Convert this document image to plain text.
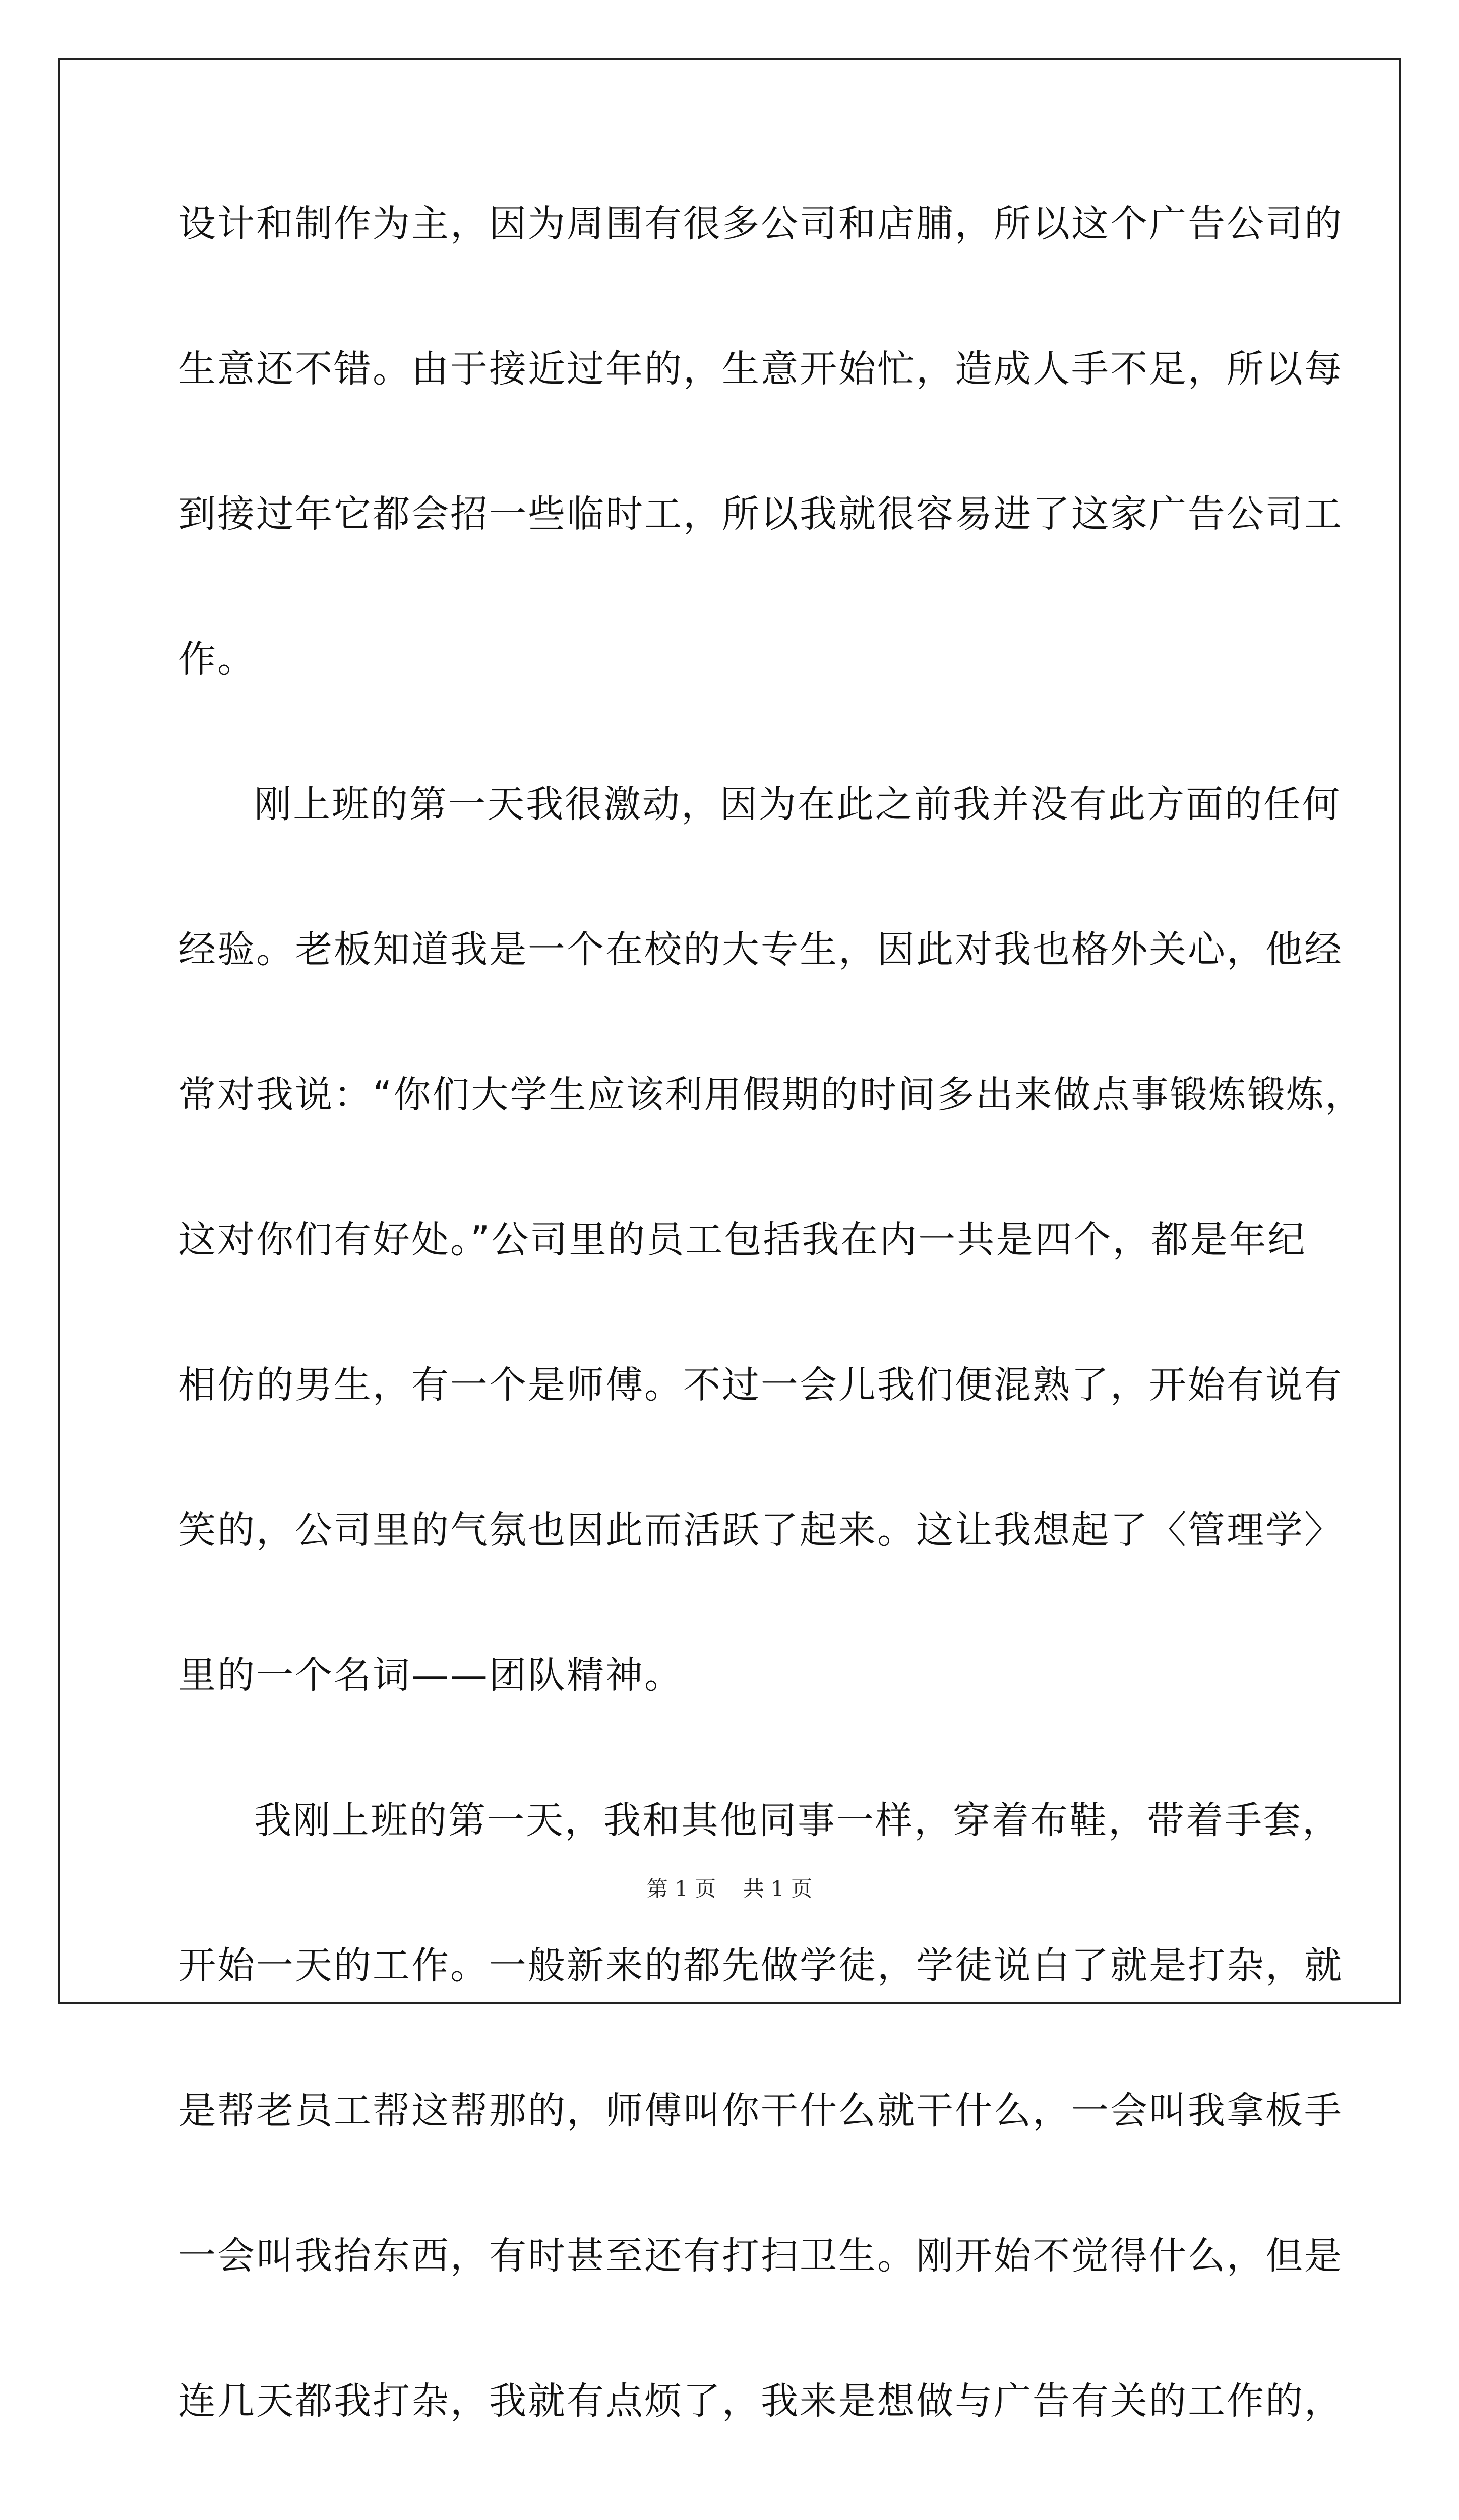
设计和制作为主，因为周围有很多公司和店脯，所以这个广告公司的
生意还不错。由于接近过年的，生意开始忙，造成人手不足，所以每
到接过年它都会招一些临时工，所以我就很容易进了这家广告公司工
作。
刚上班的第一天我很激动，因为在此之前我并没有此方面的任何
经验。老板知道我是一个在校的大专生，因此对我也格外关心，他经
常对我说：“你们大学生应该利用假期的时间多出来做点事锻炼锻炼，
这对你们有好处。”公司里的员工包括我在内一共是四个，都是年纪
相仿的男生，有一个是师傅。不过一会儿我们便混熟了，开始有说有
笑的，公司里的气氛也因此而活跃了起来。这让我想起了〈管理学〉
里的一个名词——团队精神。
我刚上班的第一天，我和其他同事一样，穿着布鞋，带着手套，
开始一天的工作。一般新来的都先做学徒，学徒说白了就是打杂，就
是帮老员工帮这帮那的，师傅叫你干什么就干什么，一会叫我拿板手
一会叫我抬东西，有时甚至还有打扫卫生。刚开始不觉得什么，但是
连几天都我打杂，我就有点烦了，我来是想做与广告有关的工作的，
第 1 页    共 1 页
